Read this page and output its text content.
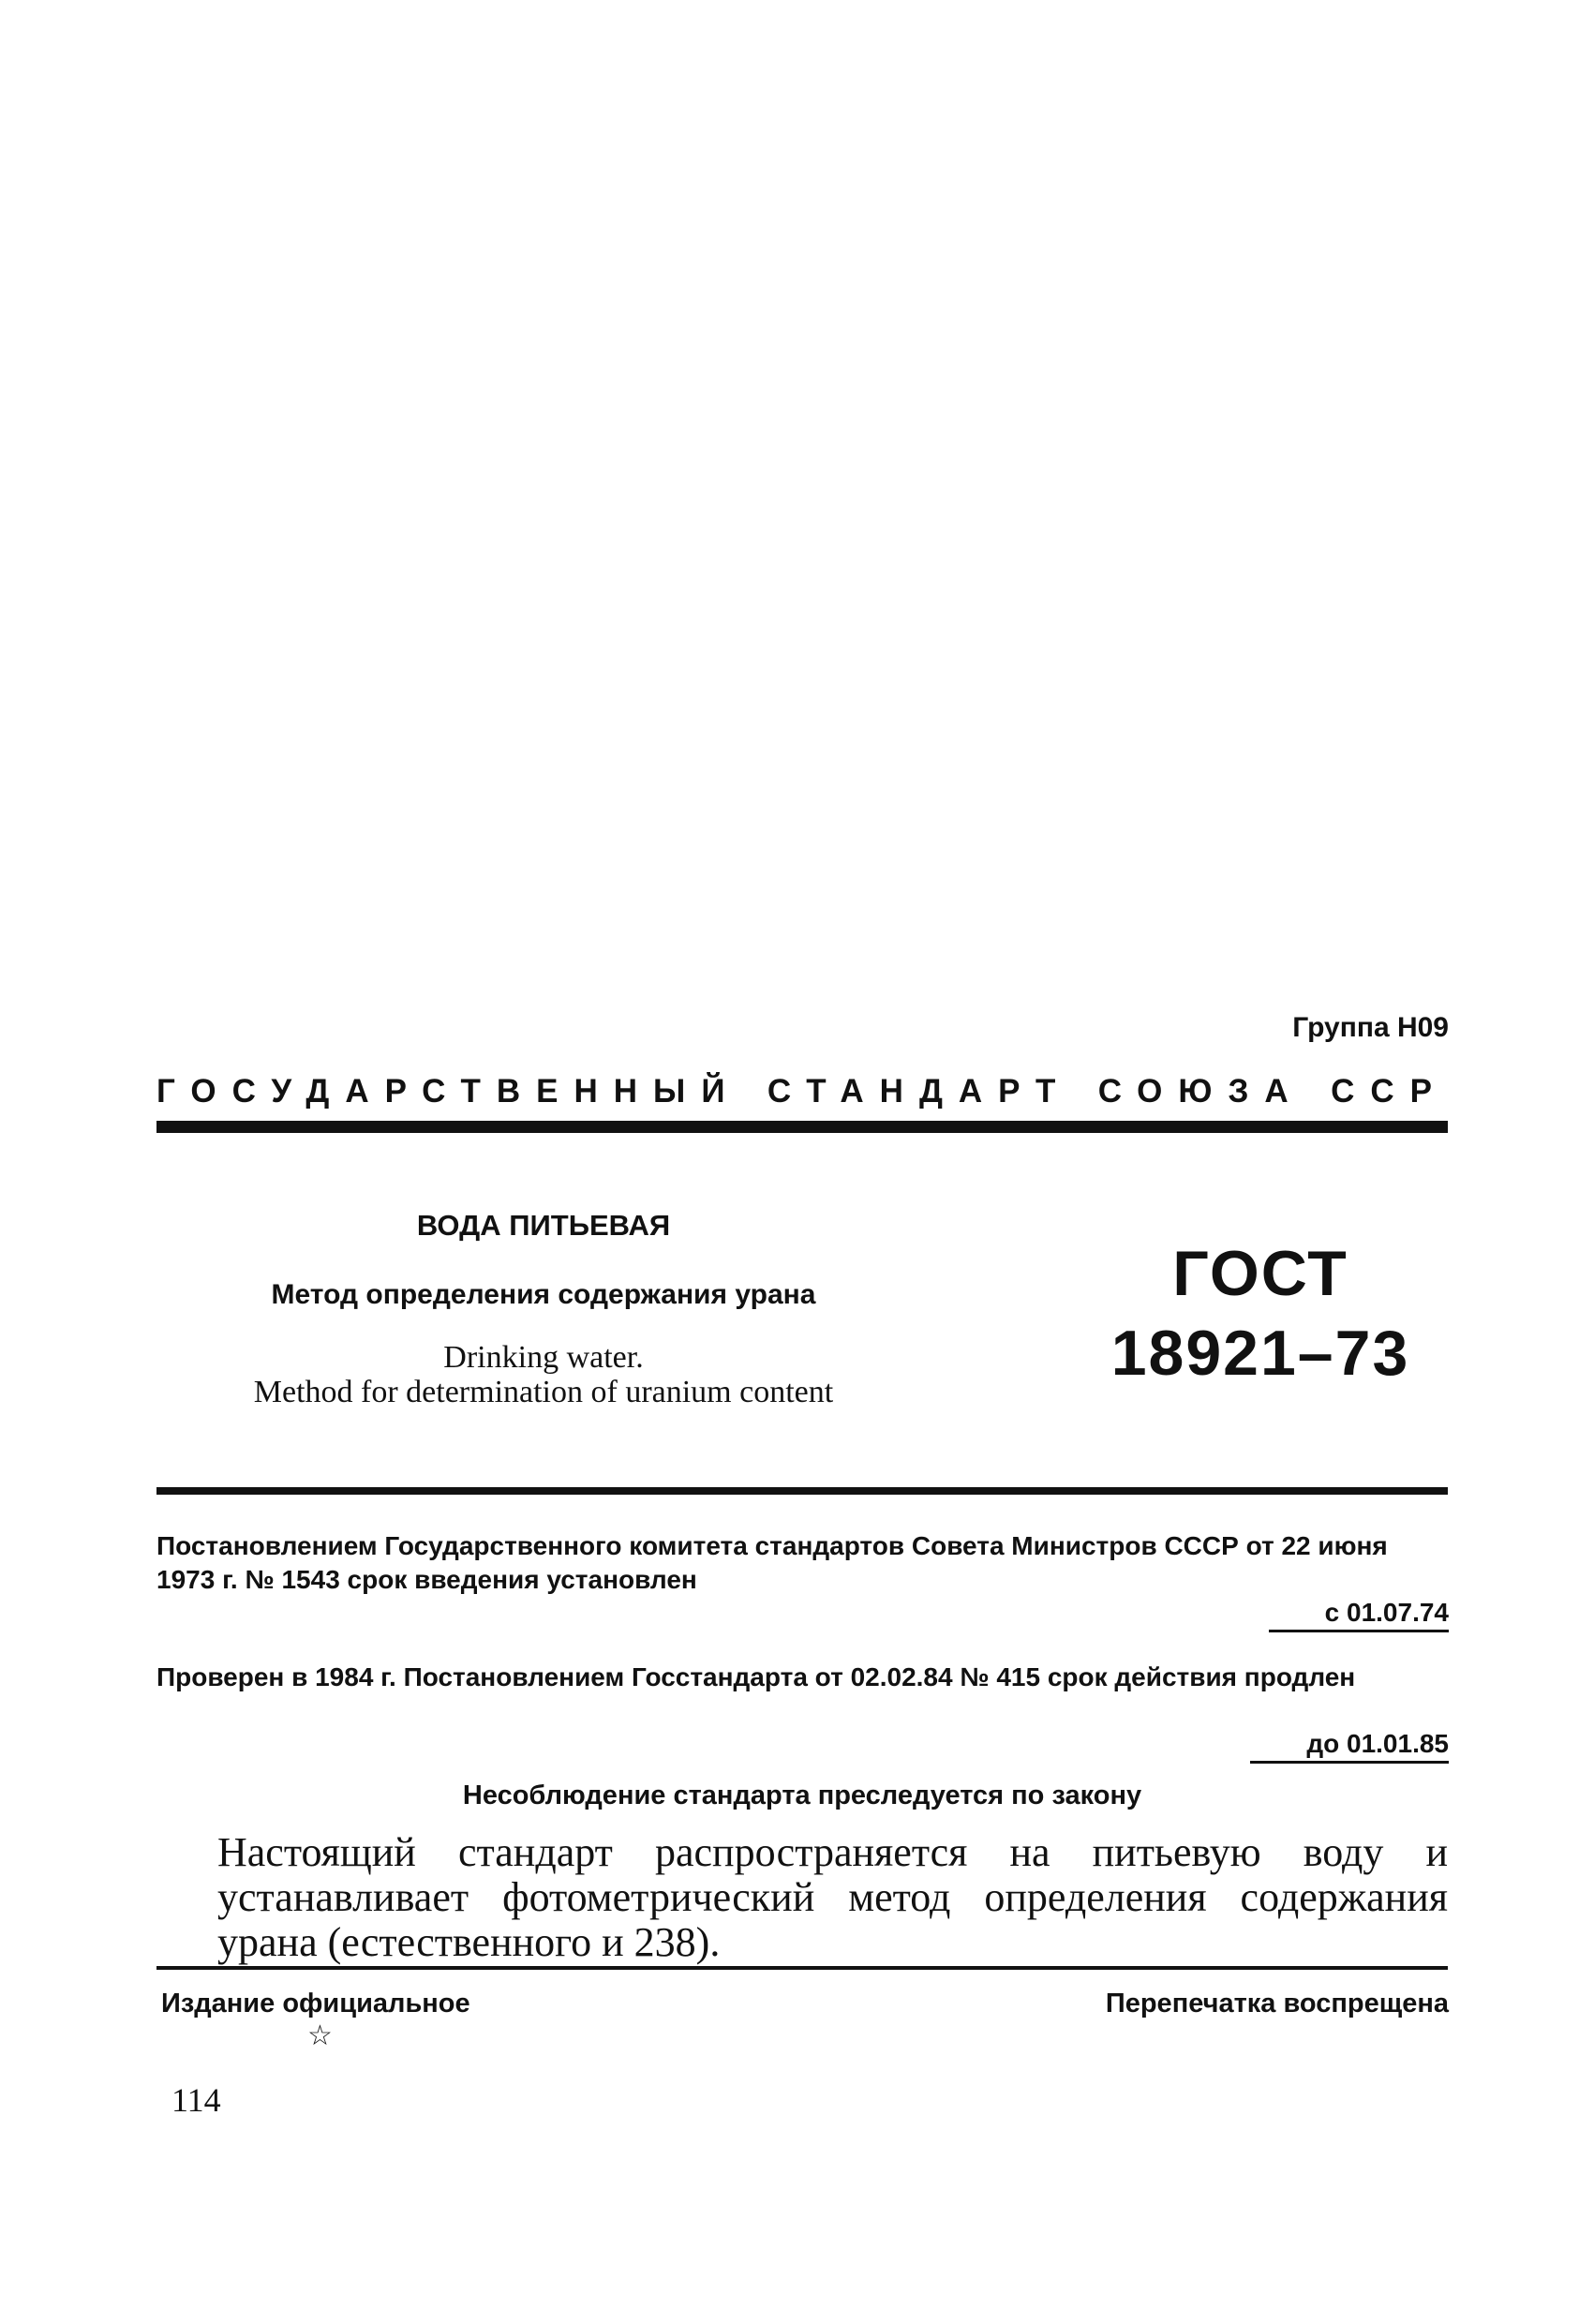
Группа Н09
ГОСУДАРСТВЕННЫЙ СТАНДАРТ СОЮЗА ССР
ВОДА ПИТЬЕВАЯ
Метод определения содержания урана
Drinking water.
Method for determination of uranium content
ГОСТ
18921–73
Постановлением Государственного комитета стандартов Совета Министров СССР от 22 июня 1973 г. № 1543 срок введения установлен
с 01.07.74
Проверен в 1984 г. Постановлением Госстандарта от 02.02.84 № 415 срок действия продлен
до 01.01.85
Несоблюдение стандарта преследуется по закону
Настоящий стандарт распространяется на питьевую воду и устанавливает фотометрический метод определения содержания урана (естественного и 238).
Издание официальное	Перепечатка воспрещена
☆
114
